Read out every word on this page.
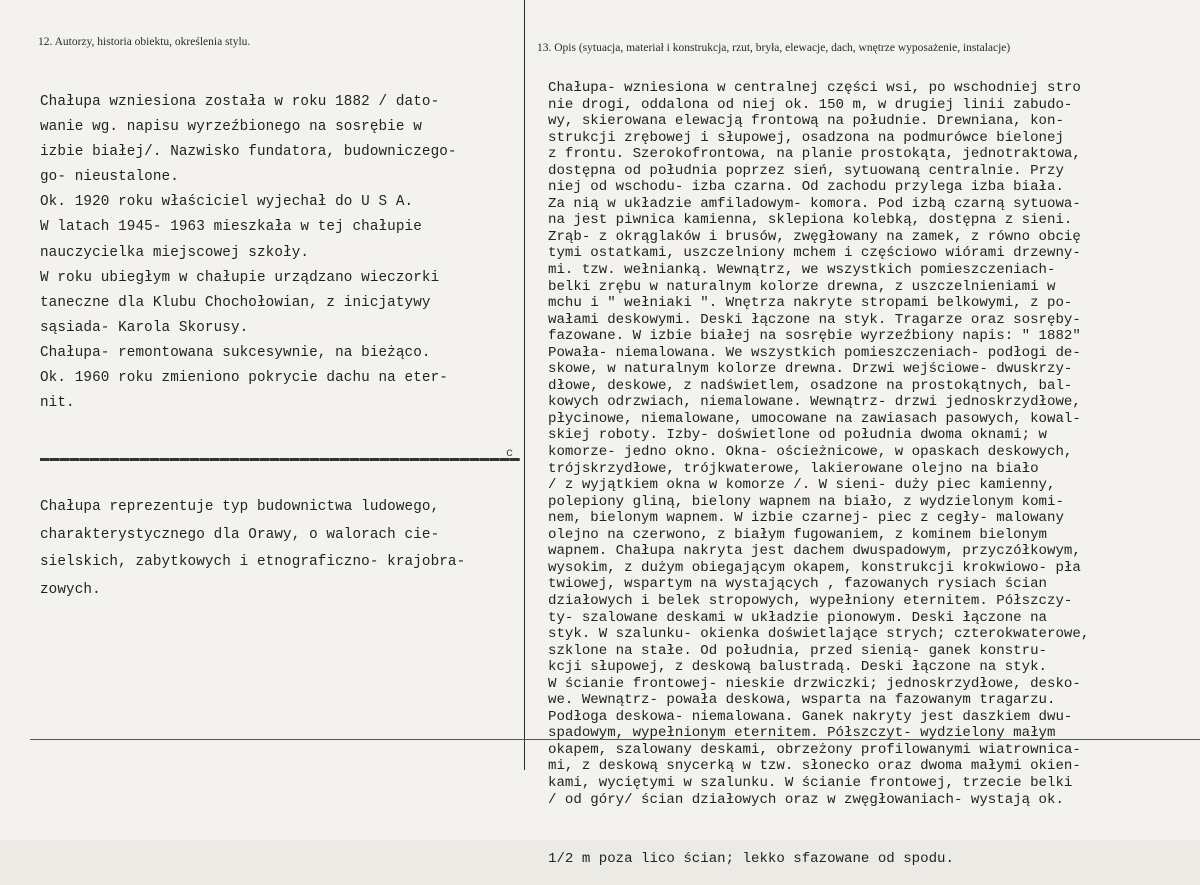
12. Autorzy, historia obiektu, określenia stylu.	13. Opis (sytuacja, materiał i konstrukcja, rzut, bryła, elewacje, dach, wnętrze wyposażenie, instalacje)
Chałupa wzniesiona została w roku 1882 / dato-
wanie wg. napisu wyrzeźbionego na sosrębie w
izbie białej/. Nazwisko fundatora, budowniczego-
go- nieustalone.
Ok. 1920 roku właściciel wyjechał do U S A.
W latach 1945- 1963 mieszkała w tej chałupie
nauczycielka miejscowej szkoły.
W roku ubiegłym w chałupie urządzano wieczorki
taneczne dla Klubu Chochołowian, z inicjatywy
sąsiada- Karola Skorusy.
Chałupa- remontowana sukcesywnie, na bieżąco.
Ok. 1960 roku zmieniono pokrycie dachu na eter-
nit.
c
Chałupa reprezentuje typ budownictwa ludowego,
charakterystycznego dla Orawy, o walorach cie-
sielskich, zabytkowych i etnograficzno- krajobra-
zowych.
Chałupa- wzniesiona w centralnej części wsi, po wschodniej stro
nie drogi, oddalona od niej ok. 150 m, w drugiej linii zabudo-
wy, skierowana elewacją frontową na południe. Drewniana, kon-
strukcji zrębowej i słupowej, osadzona na podmurówce bielonej
z frontu. Szerokofrontowa, na planie prostokąta, jednotraktowa,
dostępna od południa poprzez sień, sytuowaną centralnie. Przy
niej od wschodu- izba czarna. Od zachodu przylega izba biała.
Za nią w układzie amfiladowym- komora. Pod izbą czarną sytuowa-
na jest piwnica kamienna, sklepiona kolebką, dostępna z sieni.
Zrąb- z okrąglaków i brusów, zwęgłowany na zamek, z równo obcię
tymi ostatkami, uszczelniony mchem i częściowo wiórami drzewny-
mi. tzw. wełnianką. Wewnątrz, we wszystkich pomieszczeniach-
belki zrębu w naturalnym kolorze drewna, z uszczelnieniami w
mchu i " wełniaki ". Wnętrza nakryte stropami belkowymi, z po-
wałami deskowymi. Deski łączone na styk. Tragarze oraz sosręby-
fazowane. W izbie białej na sosrębie wyrzeźbiony napis: " 1882"
Powała- niemalowana. We wszystkich pomieszczeniach- podłogi de-
skowe, w naturalnym kolorze drewna. Drzwi wejściowe- dwuskrzy-
dłowe, deskowe, z nadświetlem, osadzone na prostokątnych, bal-
kowych odrzwiach, niemalowane. Wewnątrz- drzwi jednoskrzydłowe,
płycinowe, niemalowane, umocowane na zawiasach pasowych, kowal-
skiej roboty. Izby- doświetlone od południa dwoma oknami; w
komorze- jedno okno. Okna- ościeżnicowe, w opaskach deskowych,
trójskrzydłowe, trójkwaterowe, lakierowane olejno na biało
/ z wyjątkiem okna w komorze /. W sieni- duży piec kamienny,
polepiony gliną, bielony wapnem na biało, z wydzielonym komi-
nem, bielonym wapnem. W izbie czarnej- piec z cegły- malowany
olejno na czerwono, z białym fugowaniem, z kominem bielonym
wapnem. Chałupa nakryta jest dachem dwuspadowym, przyczółkowym,
wysokim, z dużym obiegającym okapem, konstrukcji krokwiowo- pła
twiowej, wspartym na wystających , fazowanych rysiach ścian
działowych i belek stropowych, wypełniony eternitem. Półszczy-
ty- szalowane deskami w układzie pionowym. Deski łączone na
styk. W szalunku- okienka doświetlające strych; czterokwaterowe,
szklone na stałe. Od południa, przed sienią- ganek konstru-
kcji słupowej, z deskową balustradą. Deski łączone na styk.
W ścianie frontowej- nieskie drzwiczki; jednoskrzydłowe, desko-
we. Wewnątrz- powała deskowa, wsparta na fazowanym tragarzu.
Podłoga deskowa- niemalowana. Ganek nakryty jest daszkiem dwu-
spadowym, wypełnionym eternitem. Półszczyt- wydzielony małym
okapem, szalowany deskami, obrzeżony profilowanymi wiatrownica-
mi, z deskową snycerką w tzw. słonecko oraz dwoma małymi okien-
kami, wyciętymi w szalunku. W ścianie frontowej, trzecie belki
/ od góry/ ścian działowych oraz w zwęgłowaniach- wystają ok.
1/2 m poza lico ścian; lekko sfazowane od spodu.
